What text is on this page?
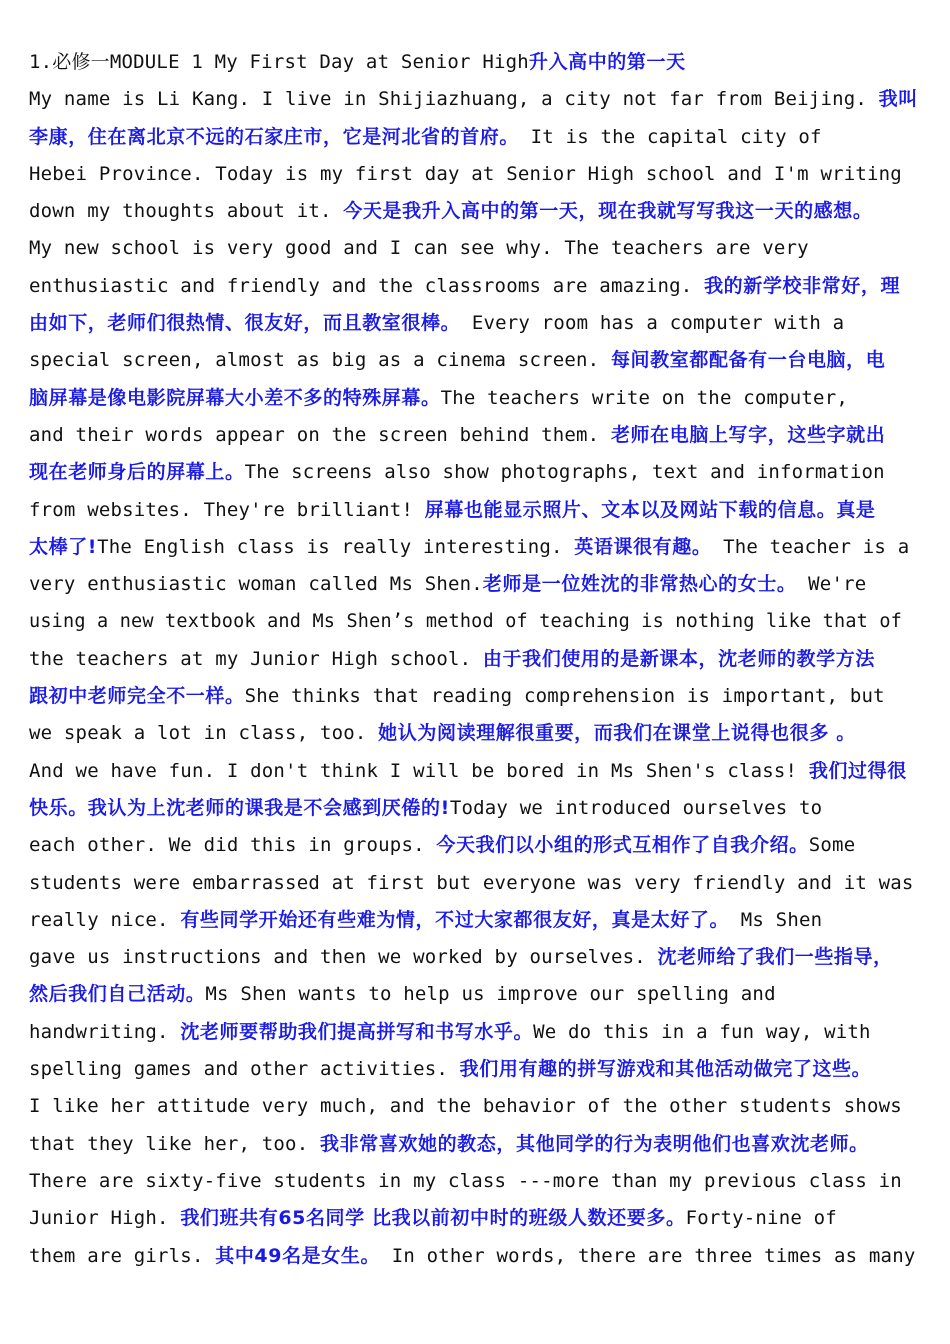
1.必修一MODULE 1 My First Day at Senior High升入高中的第一天
My name is Li Kang. I live in Shijiazhuang, a city not far from Beijing. 我叫
李康，住在离北京不远的石家庄市，它是河北省的首府。 It is the capital city of
Hebei Province. Today is my first day at Senior High school and I'm writing
down my thoughts about it. 今天是我升入高中的第一天，现在我就写写我这一天的感想。
My new school is very good and I can see why. The teachers are very
enthusiastic and friendly and the classrooms are amazing. 我的新学校非常好，理
由如下，老师们很热情、很友好，而且教室很棒。 Every room has a computer with a
special screen, almost as big as a cinema screen. 每间教室都配备有一台电脑，电
脑屏幕是像电影院屏幕大小差不多的特殊屏幕。The teachers write on the computer,
and their words appear on the screen behind them. 老师在电脑上写字，这些字就出
现在老师身后的屏幕上。The screens also show photographs, text and information
from websites. They're brilliant! 屏幕也能显示照片、文本以及网站下载的信息。真是
太棒了!The English class is really interesting. 英语课很有趣。 The teacher is a
very enthusiastic woman called Ms Shen.老师是一位姓沈的非常热心的女士。 We're
using a new textbook and Ms Shen’s method of teaching is nothing like that of
the teachers at my Junior High school. 由于我们使用的是新课本，沈老师的教学方法
跟初中老师完全不一样。She thinks that reading comprehension is important, but
we speak a lot in class, too. 她认为阅读理解很重要，而我们在课堂上说得也很多 。
And we have fun. I don't think I will be bored in Ms Shen's class! 我们过得很
快乐。我认为上沈老师的课我是不会感到厌倦的!Today we introduced ourselves to
each other. We did this in groups. 今天我们以小组的形式互相作了自我介绍。Some
students were embarrassed at first but everyone was very friendly and it was
really nice. 有些同学开始还有些难为情，不过大家都很友好，真是太好了。 Ms Shen
gave us instructions and then we worked by ourselves. 沈老师给了我们一些指导，
然后我们自己活动。Ms Shen wants to help us improve our spelling and
handwriting. 沈老师要帮助我们提高拼写和书写水乎。We do this in a fun way, with
spelling games and other activities. 我们用有趣的拼写游戏和其他活动做完了这些。
I like her attitude very much, and the behavior of the other students shows
that they like her, too. 我非常喜欢她的教态，其他同学的行为表明他们也喜欢沈老师。
There are sixty-five students in my class ---more than my previous class in
Junior High. 我们班共有65名同学 比我以前初中时的班级人数还要多。Forty-nine of
them are girls. 其中49名是女生。 In other words, there are three times as many
